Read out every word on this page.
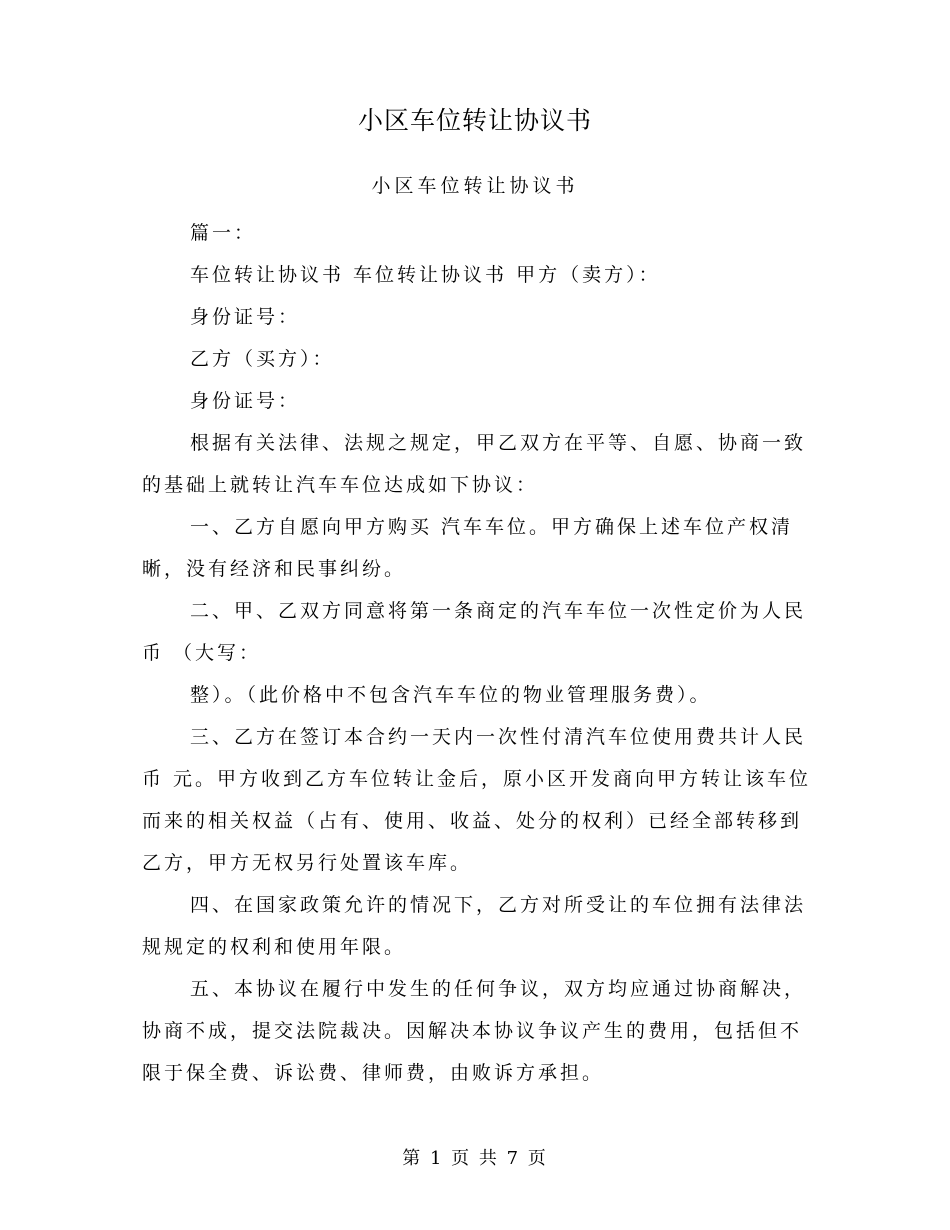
小区车位转让协议书
小区车位转让协议书
篇一：
车位转让协议书 车位转让协议书 甲方（卖方）：
身份证号：
乙方（买方）：
身份证号：
根据有关法律、法规之规定，甲乙双方在平等、自愿、协商一致
的基础上就转让汽车车位达成如下协议：
一、乙方自愿向甲方购买 汽车车位。甲方确保上述车位产权清
晰，没有经济和民事纠纷。
二、甲、乙双方同意将第一条商定的汽车车位一次性定价为人民
币 （大写：
整）。（此价格中不包含汽车车位的物业管理服务费）。
三、乙方在签订本合约一天内一次性付清汽车位使用费共计人民
币 元。甲方收到乙方车位转让金后，原小区开发商向甲方转让该车位
而来的相关权益（占有、使用、收益、处分的权利）已经全部转移到
乙方，甲方无权另行处置该车库。
四、在国家政策允许的情况下，乙方对所受让的车位拥有法律法
规规定的权利和使用年限。
五、本协议在履行中发生的任何争议，双方均应通过协商解决，
协商不成，提交法院裁决。因解决本协议争议产生的费用，包括但不
限于保全费、诉讼费、律师费，由败诉方承担。
第 1 页 共 7 页
